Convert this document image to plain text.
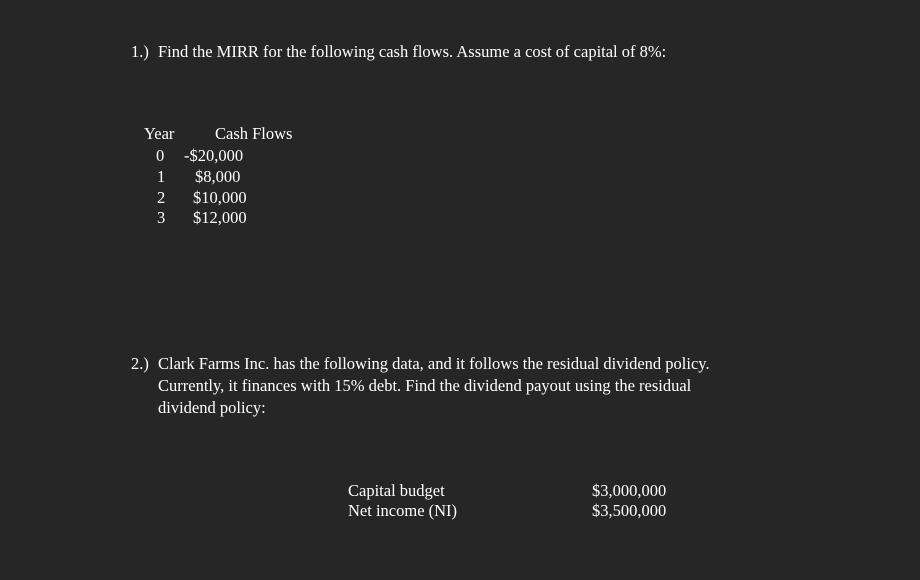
1.) Find the MIRR for the following cash flows. Assume a cost of capital of 8%:
Year Cash Flows
0 -$20,000
1 $8,000
2 $10,000
3 $12,000
2.) Clark Farms Inc. has the following data, and it follows the residual dividend policy.
Currently, it finances with 15% debt. Find the dividend payout using the residual
dividend policy:
Capital budget	$3,000,000
Net income (NI)	$3,500,000
